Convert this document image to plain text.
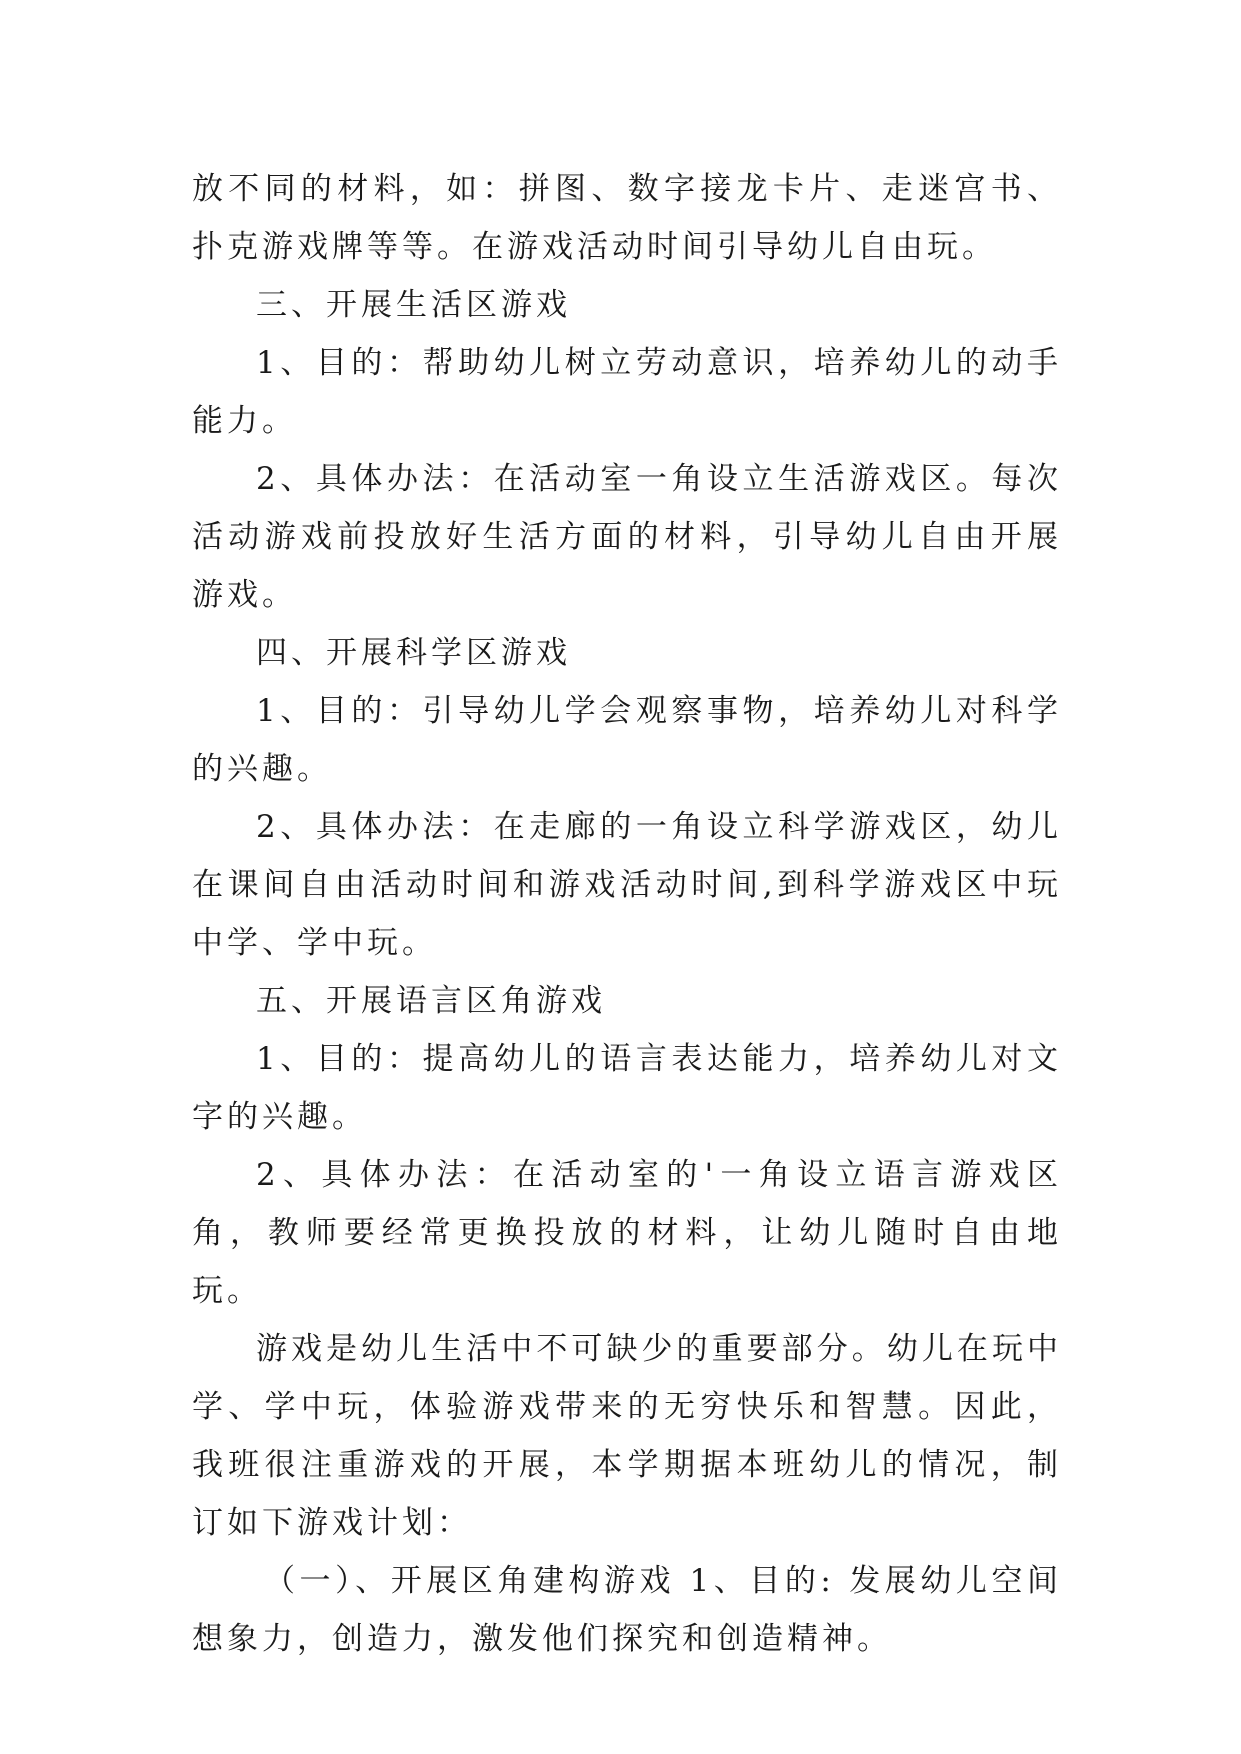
放不同的材料，如：拼图、数字接龙卡片、走迷宫书、扑克游戏牌等等。在游戏活动时间引导幼儿自由玩。

三、开展生活区游戏

1、目的：帮助幼儿树立劳动意识，培养幼儿的动手能力。

2、具体办法：在活动室一角设立生活游戏区。每次活动游戏前投放好生活方面的材料，引导幼儿自由开展游戏。

四、开展科学区游戏

1、目的：引导幼儿学会观察事物，培养幼儿对科学的兴趣。

2、具体办法：在走廊的一角设立科学游戏区，幼儿在课间自由活动时间和游戏活动时间,到科学游戏区中玩中学、学中玩。

五、开展语言区角游戏

1、目的：提高幼儿的语言表达能力，培养幼儿对文字的兴趣。

2、具体办法：在活动室的'一角设立语言游戏区角，教师要经常更换投放的材料，让幼儿随时自由地玩。

游戏是幼儿生活中不可缺少的重要部分。幼儿在玩中学、学中玩，体验游戏带来的无穷快乐和智慧。因此，我班很注重游戏的开展，本学期据本班幼儿的情况，制订如下游戏计划：

（一）、开展区角建构游戏 1、目的: 发展幼儿空间想象力，创造力，激发他们探究和创造精神。
